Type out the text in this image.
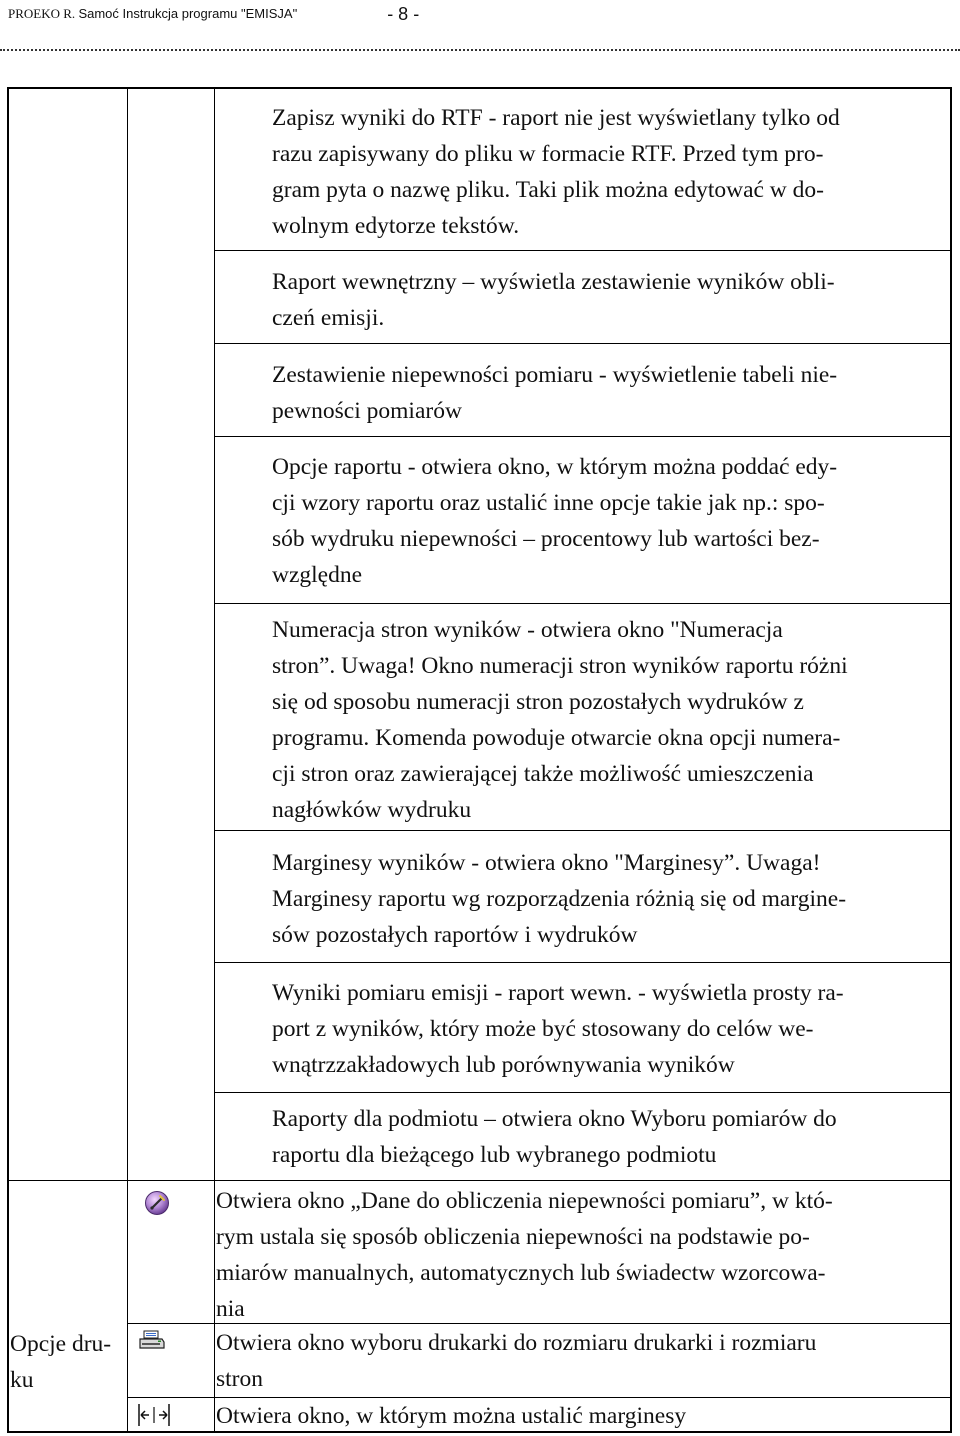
PROEKO R. Samoć Instrukcja programu "EMISJA"	- 8 -

Zapisz wyniki do RTF - raport nie jest wyświetlany tylko od

razu zapisywany do pliku w formacie RTF. Przed tym pro-

gram pyta o nazwę pliku. Taki plik można edytować w do-

wolnym edytorze tekstów.

Raport wewnętrzny – wyświetla zestawienie wyników obli-

czeń emisji.

Zestawienie niepewności pomiaru - wyświetlenie tabeli nie-

pewności pomiarów

Opcje raportu - otwiera okno, w którym można poddać edy-

cji wzory raportu oraz ustalić inne opcje takie jak np.: spo-

sób wydruku niepewności – procentowy lub wartości bez-

względne

Numeracja stron wyników - otwiera okno "Numeracja

stron”. Uwaga! Okno numeracji stron wyników raportu różni

się od sposobu numeracji stron pozostałych wydruków z

programu. Komenda powoduje otwarcie okna opcji numera-

cji stron oraz zawierającej także możliwość umieszczenia

nagłówków wydruku

Marginesy wyników - otwiera okno "Marginesy”. Uwaga!

Marginesy raportu wg rozporządzenia różnią się od margine-

sów pozostałych raportów i wydruków

Wyniki pomiaru emisji - raport wewn. - wyświetla prosty ra-

port z wyników, który może być stosowany do celów we-

wnątrzzakładowych lub porównywania wyników

Raporty dla podmiotu – otwiera okno Wyboru pomiarów do

raportu dla bieżącego lub wybranego podmiotu

Opcje dru-

ku

Otwiera okno „Dane do obliczenia niepewności pomiaru”, w któ-

rym ustala się sposób obliczenia niepewności na podstawie po-

miarów manualnych, automatycznych lub świadectw wzorcowa-

nia

Otwiera okno wyboru drukarki do rozmiaru drukarki i rozmiaru

stron

Otwiera okno, w którym można ustalić marginesy
